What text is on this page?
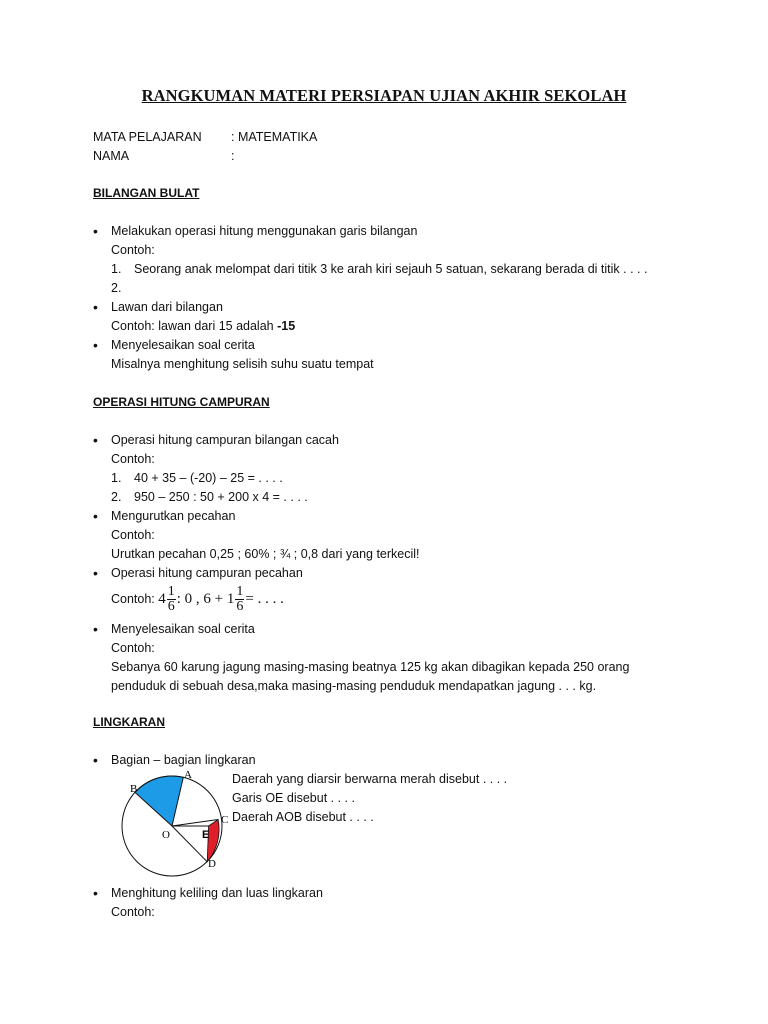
RANGKUMAN MATERI PERSIAPAN UJIAN AKHIR SEKOLAH
MATA PELAJARAN : MATEMATIKA
NAMA	:
BILANGAN BULAT
• Melakukan operasi hitung menggunakan garis bilangan
Contoh:
1. Seorang anak melompat dari titik 3 ke arah kiri sejauh 5 satuan, sekarang berada di titik . . . .
2.
• Lawan dari bilangan
Contoh: lawan dari 15 adalah -15
• Menyelesaikan soal cerita
Misalnya menghitung selisih suhu suatu tempat
OPERASI HITUNG CAMPURAN
• Operasi hitung campuran bilangan cacah
Contoh:
1. 40 + 35 – (-20) – 25 = . . . .
2. 950 – 250 : 50 + 200 x 4 = . . . .
• Mengurutkan pecahan
Contoh:
Urutkan pecahan 0,25 ; 60% ; ¾ ; 0,8 dari yang terkecil!
• Operasi hitung campuran pecahan
Contoh: $4 \frac{1}{6}$ : 0 , $6 + 1 \frac{1}{6}$ = . . . .
• Menyelesaikan soal cerita
Contoh:
Sebanya 60 karung jagung masing-masing beatnya 125 kg akan dibagikan kepada 250 orang
penduduk di sebuah desa,maka masing-masing penduduk mendapatkan jagung . . . kg.
LINGKARAN
• Bagian – bagian lingkaran
B
A
C
D
E
O
Daerah yang diarsir berwarna merah disebut . . . .
Garis OE disebut . . . .
Daerah AOB disebut . . . .
• Menghitung keliling dan luas lingkaran
Contoh:
